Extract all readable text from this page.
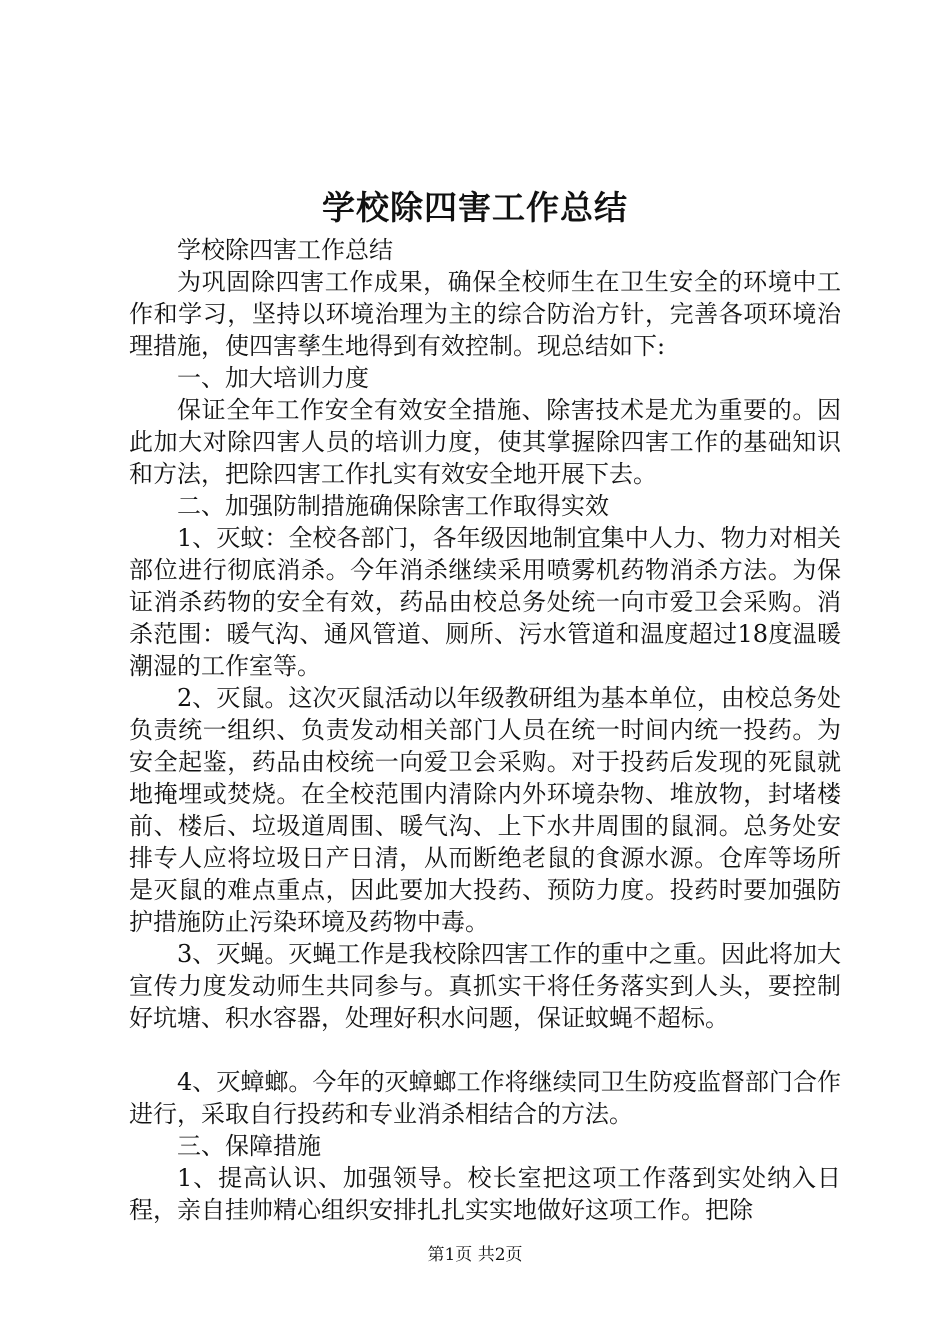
学校除四害工作总结

学校除四害工作总结

为巩固除四害工作成果，确保全校师生在卫生安全的环境中工作和学习，坚持以环境治理为主的综合防治方针，完善各项环境治理措施，使四害孳生地得到有效控制。现总结如下:

一、加大培训力度

保证全年工作安全有效安全措施、除害技术是尤为重要的。因此加大对除四害人员的培训力度，使其掌握除四害工作的基础知识和方法，把除四害工作扎实有效安全地开展下去。

二、加强防制措施确保除害工作取得实效

1、灭蚊：全校各部门，各年级因地制宜集中人力、物力对相关部位进行彻底消杀。今年消杀继续采用喷雾机药物消杀方法。为保证消杀药物的安全有效，药品由校总务处统一向市爱卫会采购。消杀范围：暖气沟、通风管道、厕所、污水管道和温度超过18度温暖潮湿的工作室等。

2、灭鼠。这次灭鼠活动以年级教研组为基本单位，由校总务处负责统一组织、负责发动相关部门人员在统一时间内统一投药。为安全起鉴，药品由校统一向爱卫会采购。对于投药后发现的死鼠就地掩埋或焚烧。在全校范围内清除内外环境杂物、堆放物，封堵楼前、楼后、垃圾道周围、暖气沟、上下水井周围的鼠洞。总务处安排专人应将垃圾日产日清，从而断绝老鼠的食源水源。仓库等场所是灭鼠的难点重点，因此要加大投药、预防力度。投药时要加强防护措施防止污染环境及药物中毒。

3、灭蝇。灭蝇工作是我校除四害工作的重中之重。因此将加大宣传力度发动师生共同参与。真抓实干将任务落实到人头，要控制好坑塘、积水容器，处理好积水问题，保证蚊蝇不超标。

4、灭蟑螂。今年的灭蟑螂工作将继续同卫生防疫监督部门合作进行，采取自行投药和专业消杀相结合的方法。

三、保障措施

1、提高认识、加强领导。校长室把这项工作落到实处纳入日程，亲自挂帅精心组织安排扎扎实实地做好这项工作。把除

第1页 共2页
